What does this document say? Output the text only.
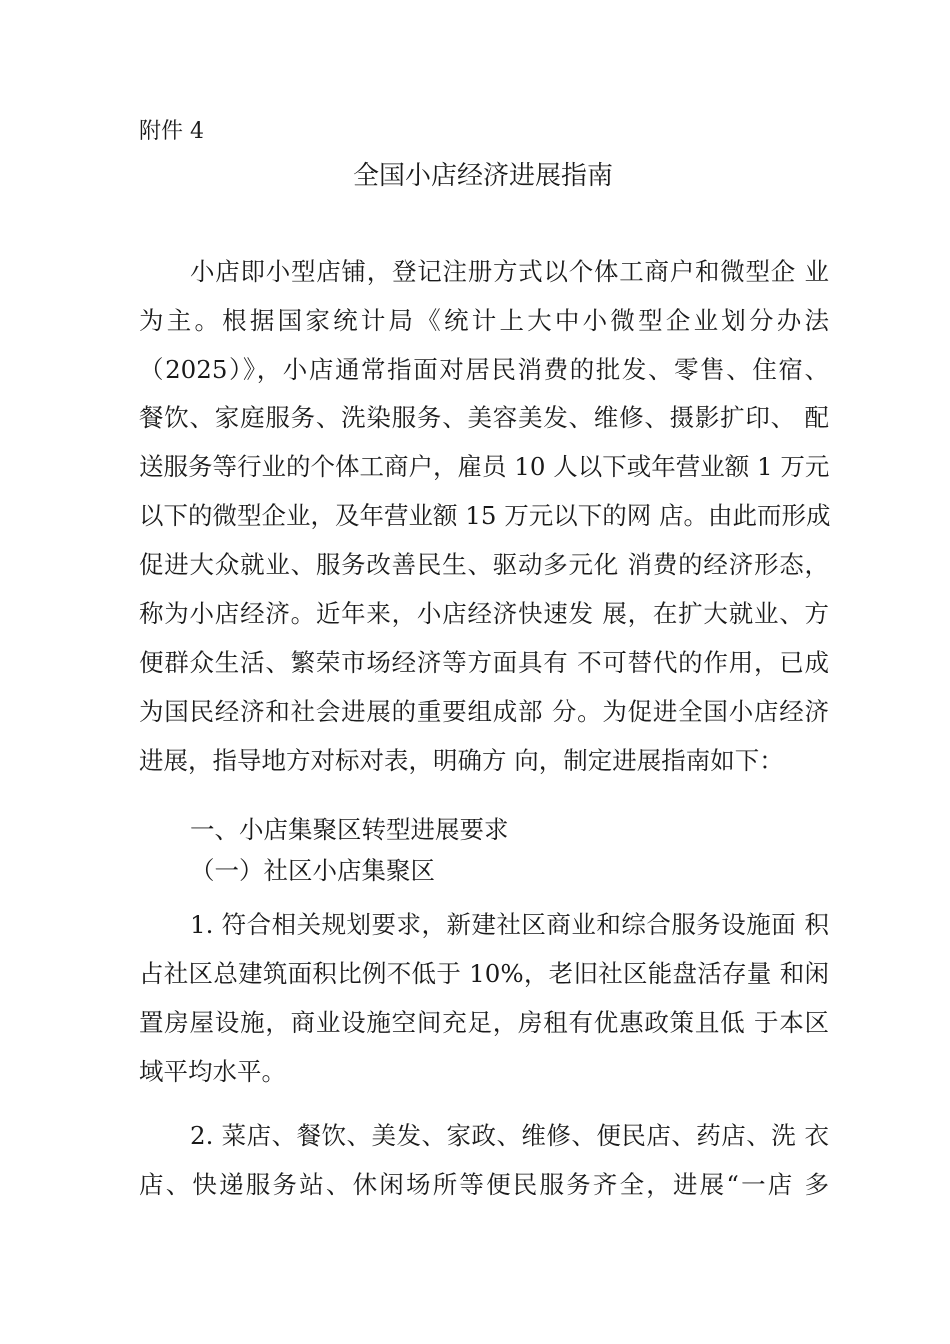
附件 4
全国小店经济进展指南
小店即小型店铺，登记注册方式以个体工商户和微型企 业
为主。根据国家统计局《统计上大中小微型企业划分办法
（2025）》，小店通常指面对居民消费的批发、零售、住宿、
餐饮、家庭服务、洗染服务、美容美发、维修、摄影扩印、 配
送服务等行业的个体工商户，雇员 10 人以下或年营业额 1 万元
以下的微型企业，及年营业额 15 万元以下的网 店。由此而形成
促进大众就业、服务改善民生、驱动多元化 消费的经济形态，
称为小店经济。近年来，小店经济快速发 展，在扩大就业、方
便群众生活、繁荣市场经济等方面具有 不可替代的作用，已成
为国民经济和社会进展的重要组成部 分。为促进全国小店经济
进展，指导地方对标对表，明确方 向，制定进展指南如下：
一、小店集聚区转型进展要求
（一）社区小店集聚区
1. 符合相关规划要求，新建社区商业和综合服务设施面 积
占社区总建筑面积比例不低于 10%，老旧社区能盘活存量 和闲
置房屋设施，商业设施空间充足，房租有优惠政策且低 于本区
域平均水平。
2. 菜店、餐饮、美发、家政、维修、便民店、药店、洗 衣
店、快递服务站、休闲场所等便民服务齐全，进展“一店 多
